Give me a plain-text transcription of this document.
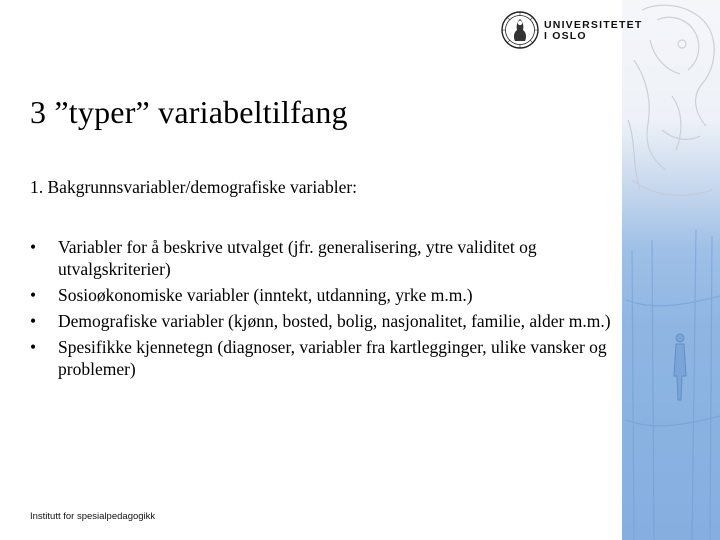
UNIVERSITETET
I OSLO
3 ”typer” variabeltilfang
1. Bakgrunnsvariabler/demografiske variabler:
•	Variabler for å beskrive utvalget (jfr. generalisering, ytre validitet og utvalgskriterier)
•	Sosioøkonomiske variabler (inntekt, utdanning, yrke m.m.)
•	Demografiske variabler (kjønn, bosted, bolig, nasjonalitet, familie, alder m.m.)
•	Spesifikke kjennetegn (diagnoser, variabler fra kartlegginger, ulike vansker og problemer)
Institutt for spesialpedagogikk
